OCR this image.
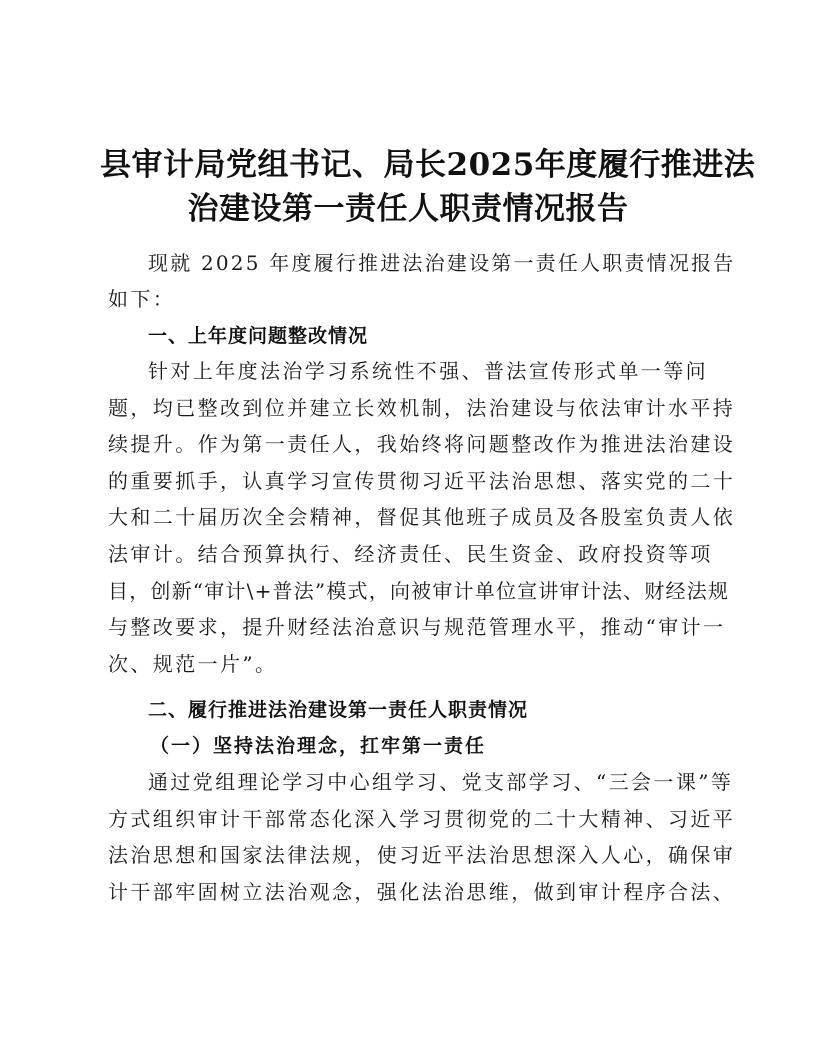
县审计局党组书记、局长2025年度履行推进法
治建设第一责任人职责情况报告
现就 2025 年度履行推进法治建设第一责任人职责情况报告
如下：
一、上年度问题整改情况
针对上年度法治学习系统性不强、普法宣传形式单一等问
题，均已整改到位并建立长效机制，法治建设与依法审计水平持
续提升。作为第一责任人，我始终将问题整改作为推进法治建设
的重要抓手，认真学习宣传贯彻习近平法治思想、落实党的二十
大和二十届历次全会精神，督促其他班子成员及各股室负责人依
法审计。结合预算执行、经济责任、民生资金、政府投资等项
目，创新“审计\+普法”模式，向被审计单位宣讲审计法、财经法规
与整改要求，提升财经法治意识与规范管理水平，推动“审计一
次、规范一片”。
二、履行推进法治建设第一责任人职责情况
（一）坚持法治理念，扛牢第一责任
通过党组理论学习中心组学习、党支部学习、“三会一课”等
方式组织审计干部常态化深入学习贯彻党的二十大精神、习近平
法治思想和国家法律法规，使习近平法治思想深入人心，确保审
计干部牢固树立法治观念，强化法治思维，做到审计程序合法、
